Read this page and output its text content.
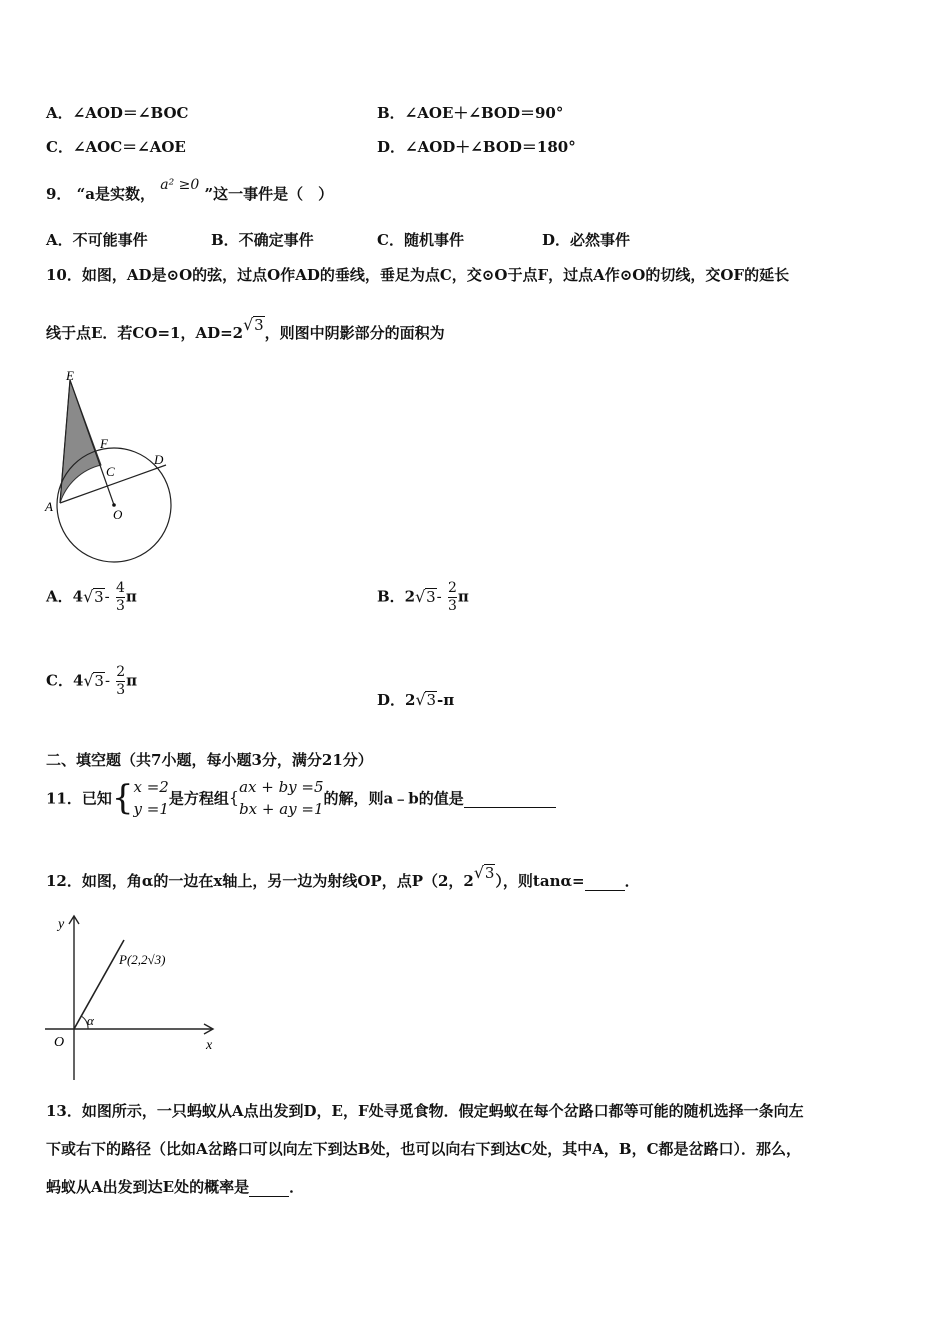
A．∠AOD＝∠BOC	B．∠AOE＋∠BOD＝90°
C．∠AOC＝∠AOE	D．∠AOD＋∠BOD＝180°
9． “a是实数， a² ≥0 ”这一事件是（　）
A．不可能事件	B．不确定事件	C．随机事件	D．必然事件
10．如图，AD是⊙O的弦，过点O作AD的垂线，垂足为点C，交⊙O于点F，过点A作⊙O的切线，交OF的延长
线于点E．若CO=1，AD=2 √ 3，则图中阴影部分的面积为
E
F
C
D
A
O
A．4 √ $3- \frac{4}{3}$ π	B．2 √ $3- \frac{2}{3}$ π
C．4 √ $3- \frac{2}{3}$ π
D．2 √ 3-π
二、填空题（共7小题，每小题3分，满分21分）
11．已知{ x =2
y =1
是方程组{
ax + by =5
bx + ay =1
的解，则a﹣b的值是
12．如图，角α的一边在x轴上，另一边为射线OP，点P（2，2 √ 3），则tanα=	．
y
x
O
α
P(2,2√3)
13．如图所示，一只蚂蚁从A点出发到D，E，F处寻觅食物．假定蚂蚁在每个岔路口都等可能的随机选择一条向左
下或右下的路径（比如A岔路口可以向左下到达B处，也可以向右下到达C处，其中A，B，C都是岔路口）．那么，
蚂蚁从A出发到达E处的概率是	．
